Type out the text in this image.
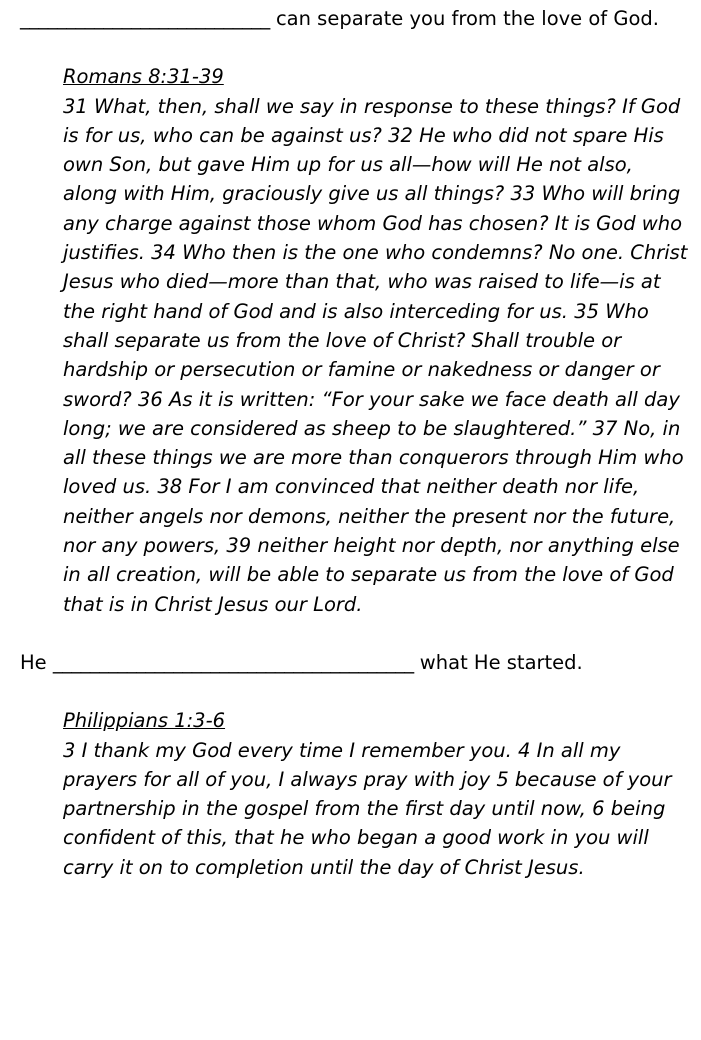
___________________________ can separate you from the love of God.
Romans 8:31-39
31 What, then, shall we say in response to these things? If God is for us, who can be against us? 32 He who did not spare His own Son, but gave Him up for us all—how will He not also, along with Him, graciously give us all things? 33 Who will bring any charge against those whom God has chosen? It is God who justifies. 34 Who then is the one who condemns? No one. Christ Jesus who died—more than that, who was raised to life—is at the right hand of God and is also interceding for us. 35 Who shall separate us from the love of Christ? Shall trouble or hardship or persecution or famine or nakedness or danger or sword? 36 As it is written: “For your sake we face death all day long; we are considered as sheep to be slaughtered.” 37 No, in all these things we are more than conquerors through Him who loved us. 38 For I am convinced that neither death nor life, neither angels nor demons, neither the present nor the future, nor any powers, 39 neither height nor depth, nor anything else in all creation, will be able to separate us from the love of God that is in Christ Jesus our Lord.
He _______________________________________ what He started.
Philippians 1:3-6
3 I thank my God every time I remember you. 4 In all my prayers for all of you, I always pray with joy 5 because of your partnership in the gospel from the first day until now, 6 being confident of this, that he who began a good work in you will carry it on to completion until the day of Christ Jesus.
